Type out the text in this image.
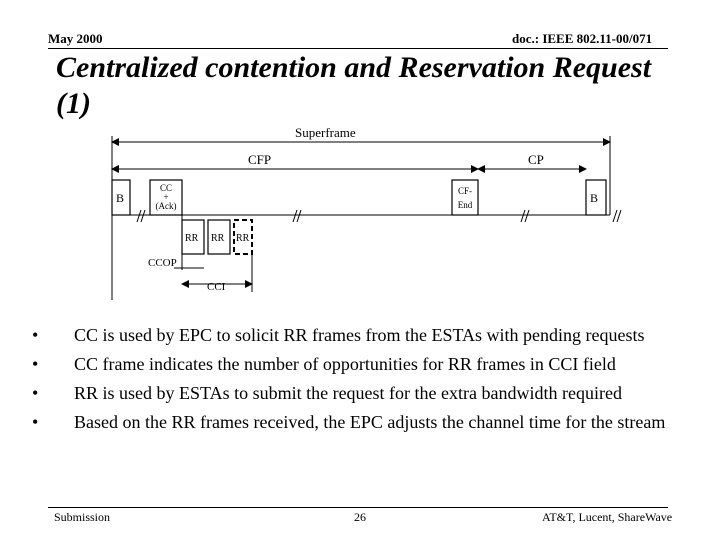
May 2000	doc.: IEEE 802.11-00/071
Centralized contention and Reservation Request (1)
Superframe
CFP	CP
B
CC
+
(Ack)
CF-
End	B
RR RR RR
CCOP
CCI
• CC is used by EPC to solicit RR frames from the ESTAs with pending requests
• CC frame indicates the number of opportunities for RR frames in CCI field
• RR is used by ESTAs to submit the request for the extra bandwidth required
• Based on the RR frames received, the EPC adjusts the channel time for the stream
Submission	26	AT&T, Lucent, ShareWave
